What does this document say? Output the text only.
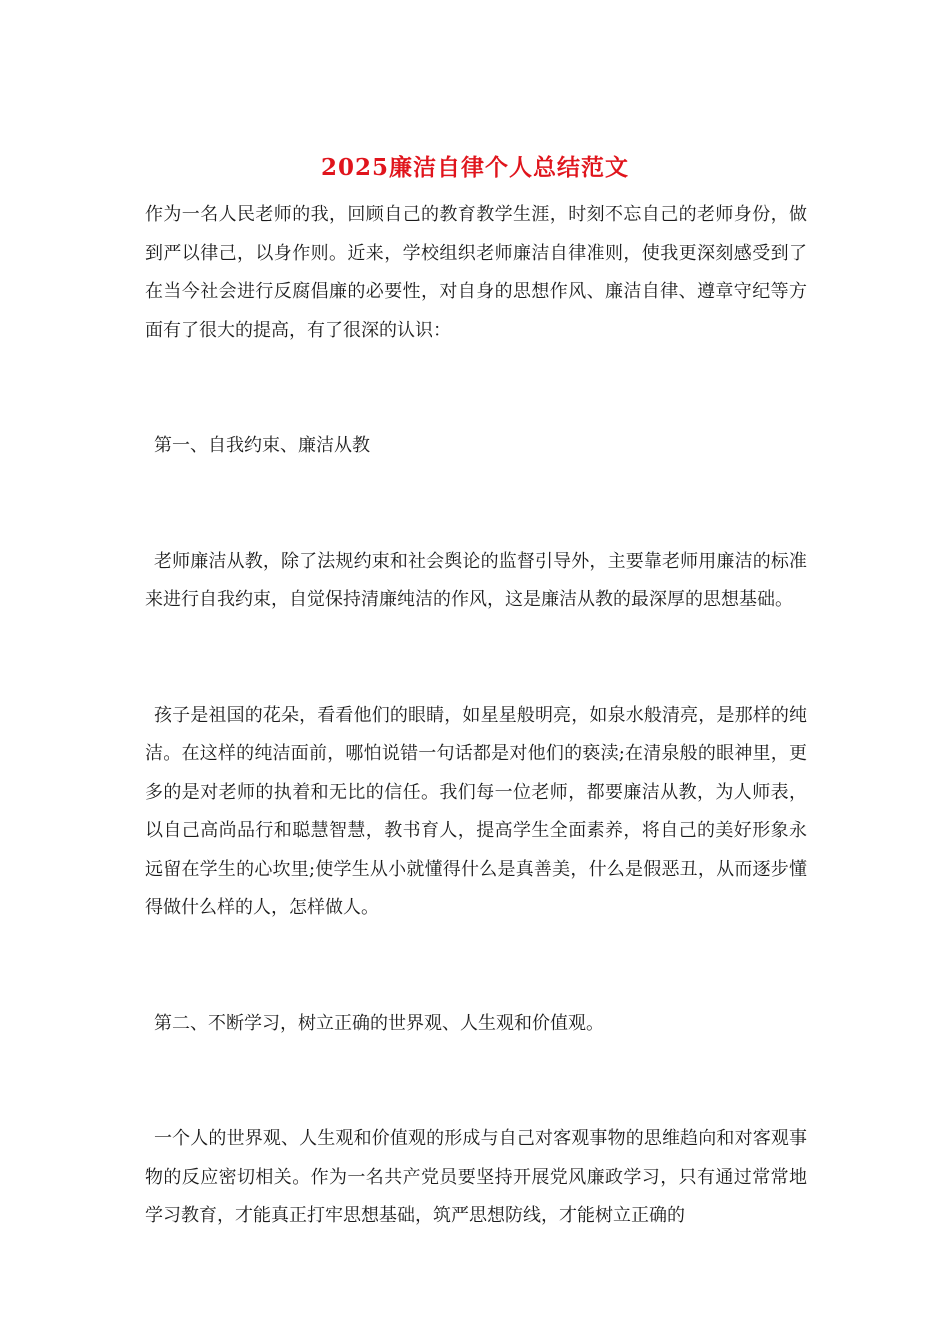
2025廉洁自律个人总结范文

作为一名人民老师的我，回顾自己的教育教学生涯，时刻不忘自己的老师身份，做到严以律己，以身作则。近来，学校组织老师廉洁自律准则，使我更深刻感受到了在当今社会进行反腐倡廉的必要性，对自身的思想作风、廉洁自律、遵章守纪等方面有了很大的提高，有了很深的认识：

第一、自我约束、廉洁从教

老师廉洁从教，除了法规约束和社会舆论的监督引导外，主要靠老师用廉洁的标准来进行自我约束，自觉保持清廉纯洁的作风，这是廉洁从教的最深厚的思想基础。

孩子是祖国的花朵，看看他们的眼睛，如星星般明亮，如泉水般清亮，是那样的纯洁。在这样的纯洁面前，哪怕说错一句话都是对他们的亵渎;在清泉般的眼神里，更多的是对老师的执着和无比的信任。我们每一位老师，都要廉洁从教，为人师表，以自己高尚品行和聪慧智慧，教书育人，提高学生全面素养，将自己的美好形象永远留在学生的心坎里;使学生从小就懂得什么是真善美，什么是假恶丑，从而逐步懂得做什么样的人，怎样做人。

第二、不断学习，树立正确的世界观、人生观和价值观。

一个人的世界观、人生观和价值观的形成与自己对客观事物的思维趋向和对客观事物的反应密切相关。作为一名共产党员要坚持开展党风廉政学习，只有通过常常地学习教育，才能真正打牢思想基础，筑严思想防线，才能树立正确的
